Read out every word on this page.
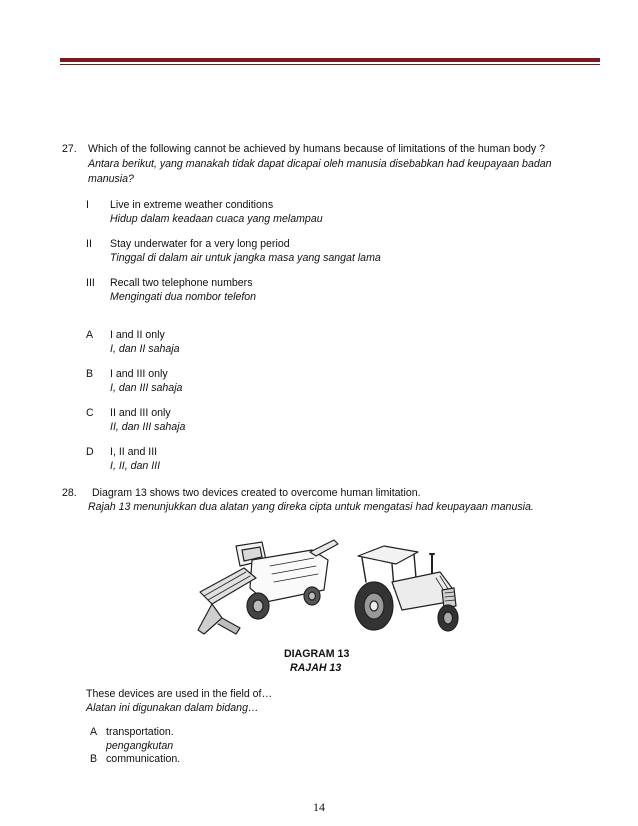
27. Which of the following cannot be achieved by humans because of limitations of the human body ?
Antara berikut, yang manakah tidak dapat dicapai oleh manusia disebabkan had keupayaan badan
manusia?
I Live in extreme weather conditions
Hidup dalam keadaan cuaca yang melampau
II Stay underwater for a very long period
Tinggal di dalam air untuk jangka masa yang sangat lama
III Recall two telephone numbers
Mengingati dua nombor telefon
A I and II only
I, dan II sahaja
B I and III only
I, dan III sahaja
C II and III only
II, dan III sahaja
D I, II and III
I, II, dan III
28. Diagram 13 shows two devices created to overcome human limitation.
Rajah 13 menunjukkan dua alatan yang direka cipta untuk mengatasi had keupayaan manusia.
DIAGRAM 13
RAJAH 13
These devices are used in the field of…
Alatan ini digunakan dalam bidang…
A transportation.
pengangkutan
B communication.
14
